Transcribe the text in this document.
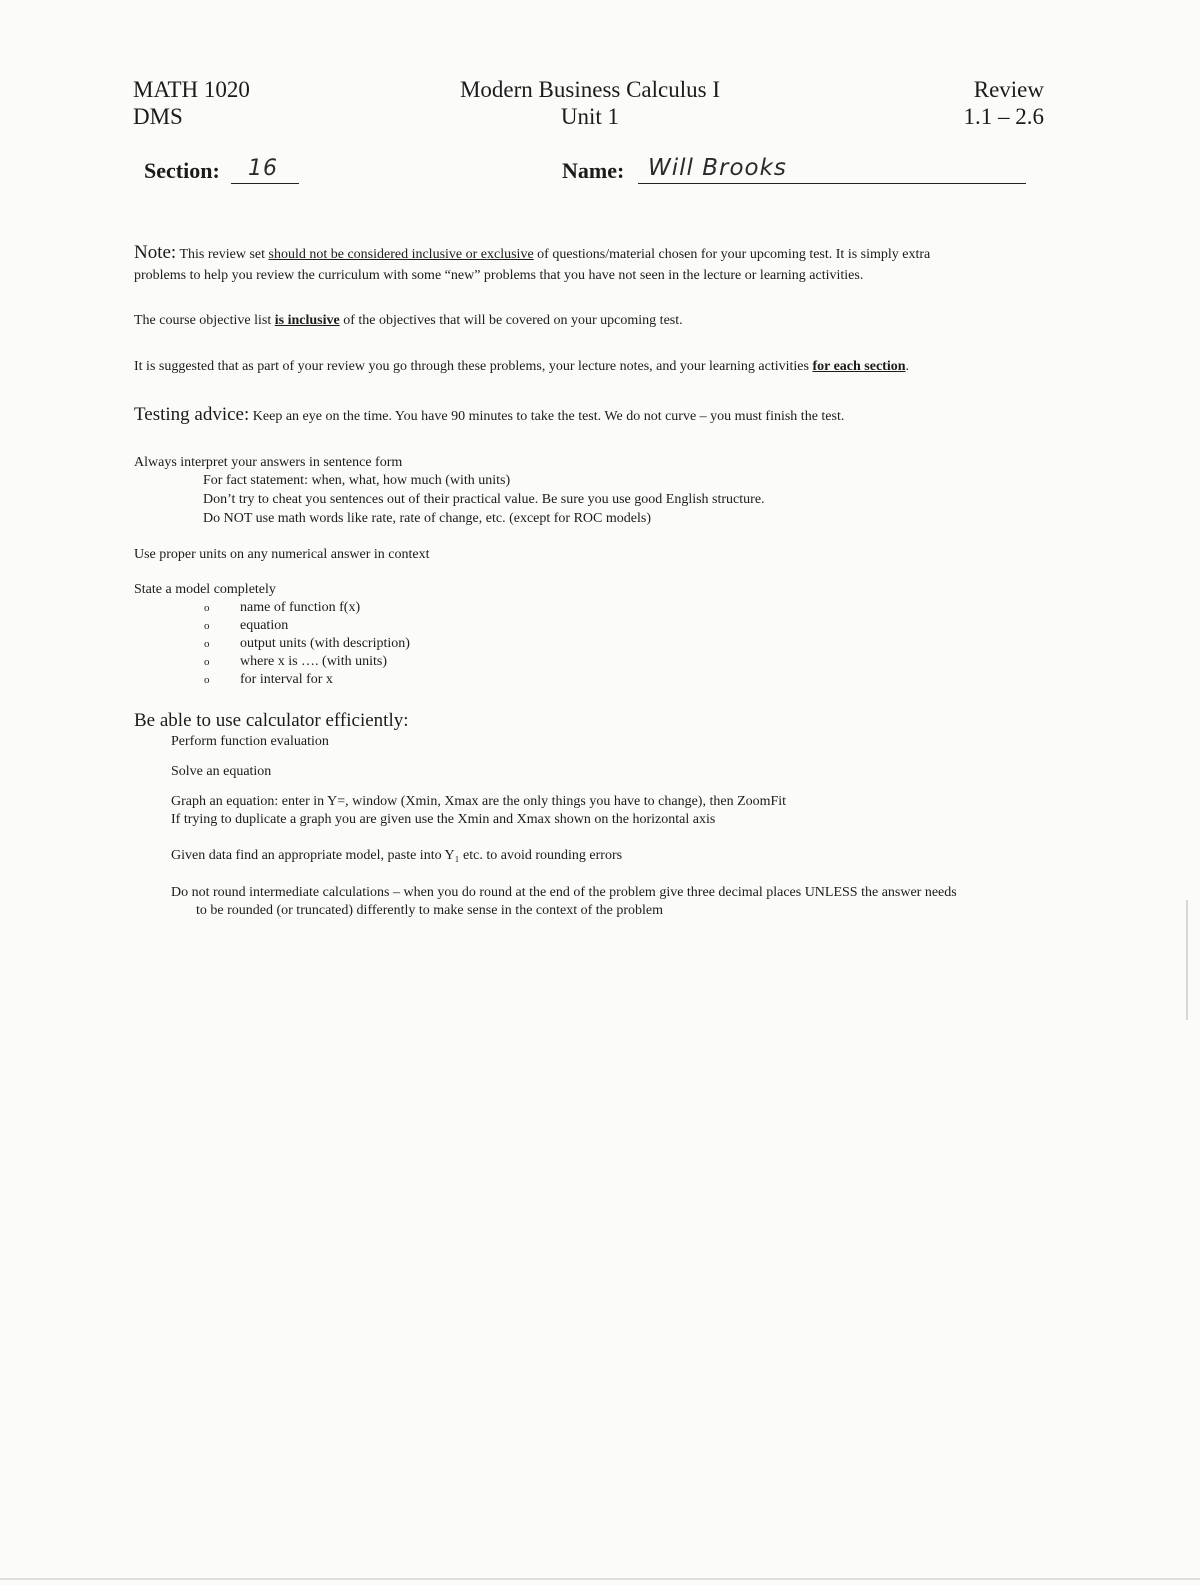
MATH 1020
DMS
Modern Business Calculus I
Unit 1
Review
1.1 – 2.6
Section: 16	Name: Will Brooks
Note: This review set should not be considered inclusive or exclusive of questions/material chosen for your upcoming test. It is simply extra
problems to help you review the curriculum with some “new” problems that you have not seen in the lecture or learning activities.
The course objective list is inclusive of the objectives that will be covered on your upcoming test.
It is suggested that as part of your review you go through these problems, your lecture notes, and your learning activities for each section.
Testing advice: Keep an eye on the time. You have 90 minutes to take the test. We do not curve – you must finish the test.
Always interpret your answers in sentence form
For fact statement: when, what, how much (with units)
Don’t try to cheat you sentences out of their practical value. Be sure you use good English structure.
Do NOT use math words like rate, rate of change, etc. (except for ROC models)
Use proper units on any numerical answer in context
State a model completely
o name of function f(x)
o equation
o output units (with description)
o where x is …. (with units)
o for interval for x
Be able to use calculator efficiently:
Perform function evaluation
Solve an equation
Graph an equation: enter in Y=, window (Xmin, Xmax are the only things you have to change), then ZoomFit
If trying to duplicate a graph you are given use the Xmin and Xmax shown on the horizontal axis
Given data find an appropriate model, paste into Y₁ etc. to avoid rounding errors
Do not round intermediate calculations – when you do round at the end of the problem give three decimal places UNLESS the answer needs
to be rounded (or truncated) differently to make sense in the context of the problem
